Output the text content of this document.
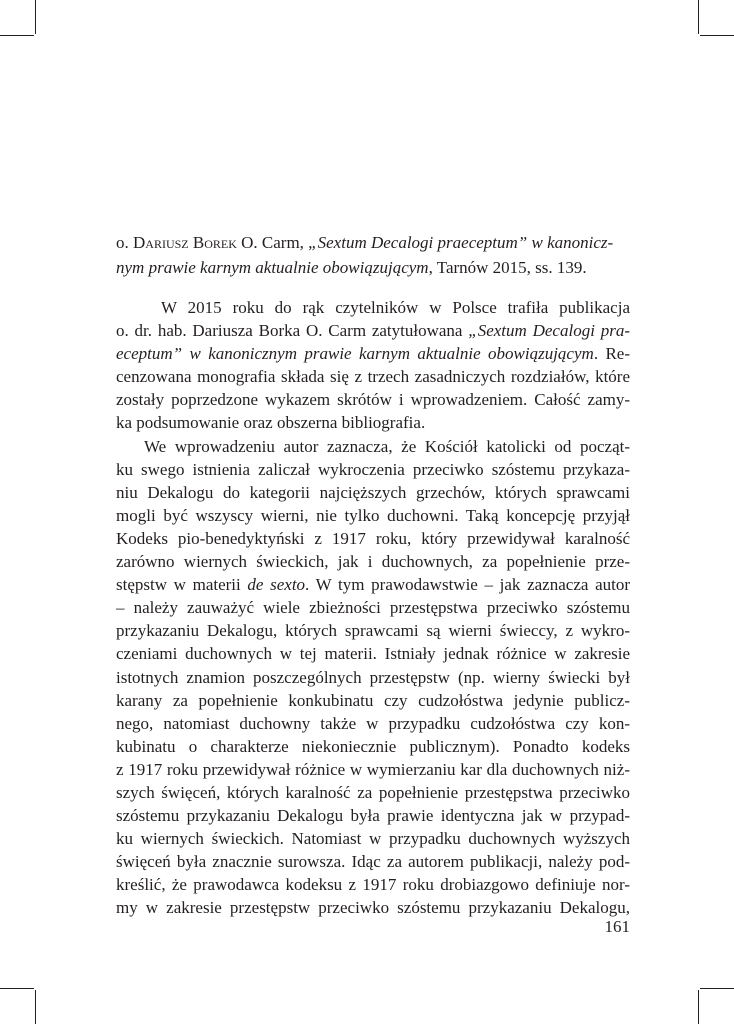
o. Dariusz Borek O. Carm, „Sextum Decalogi praeceptum” w kanonicz-
nym prawie karnym aktualnie obowiązującym, Tarnów 2015, ss. 139.
W 2015 roku do rąk czytelników w Polsce trafiła publikacja
o. dr. hab. Dariusza Borka O. Carm zatytułowana „Sextum Decalogi pra-
eceptum” w kanonicznym prawie karnym aktualnie obowiązującym. Re-
cenzowana monografia składa się z trzech zasadniczych rozdziałów, które
zostały poprzedzone wykazem skrótów i wprowadzeniem. Całość zamy-
ka podsumowanie oraz obszerna bibliografia.
We wprowadzeniu autor zaznacza, że Kościół katolicki od począt-
ku swego istnienia zaliczał wykroczenia przeciwko szóstemu przykaza-
niu Dekalogu do kategorii najcięższych grzechów, których sprawcami
mogli być wszyscy wierni, nie tylko duchowni. Taką koncepcję przyjął
Kodeks pio-benedyktyński z 1917 roku, który przewidywał karalność
zarówno wiernych świeckich, jak i duchownych, za popełnienie prze-
stępstw w materii de sexto. W tym prawodawstwie – jak zaznacza autor
– należy zauważyć wiele zbieżności przestępstwa przeciwko szóstemu
przykazaniu Dekalogu, których sprawcami są wierni świeccy, z wykro-
czeniami duchownych w tej materii. Istniały jednak różnice w zakresie
istotnych znamion poszczególnych przestępstw (np. wierny świecki był
karany za popełnienie konkubinatu czy cudzołóstwa jedynie publicz-
nego, natomiast duchowny także w przypadku cudzołóstwa czy kon-
kubinatu o charakterze niekoniecznie publicznym). Ponadto kodeks
z 1917 roku przewidywał różnice w wymierzaniu kar dla duchownych niż-
szych święceń, których karalność za popełnienie przestępstwa przeciwko
szóstemu przykazaniu Dekalogu była prawie identyczna jak w przypad-
ku wiernych świeckich. Natomiast w przypadku duchownych wyższych
święceń była znacznie surowsza. Idąc za autorem publikacji, należy pod-
kreślić, że prawodawca kodeksu z 1917 roku drobiazgowo definiuje nor-
my w zakresie przestępstw przeciwko szóstemu przykazaniu Dekalogu,
161
